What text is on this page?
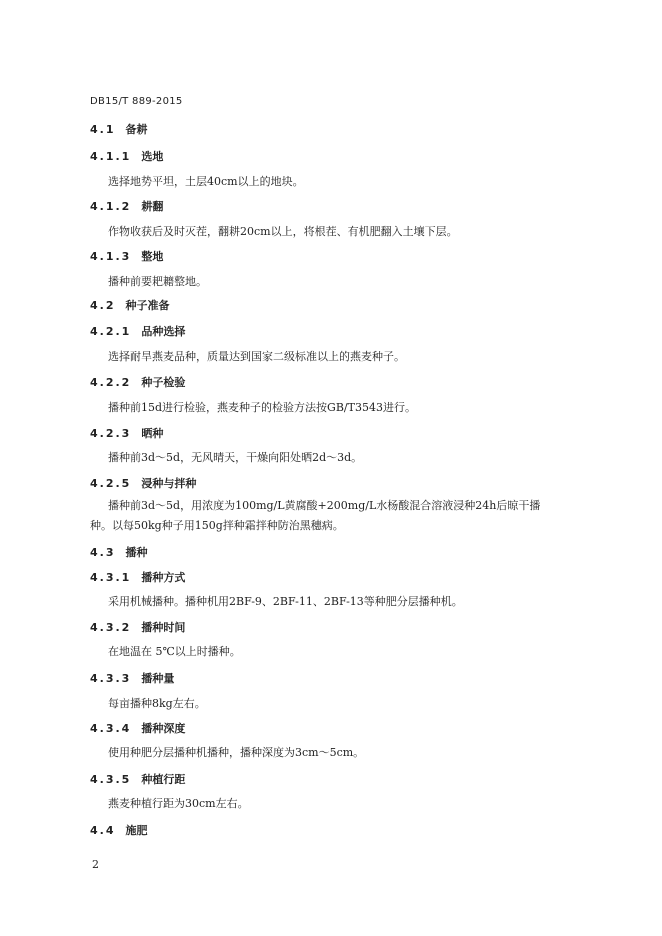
DB15/T 889-2015
4.1 备耕
4.1.1 选地
选择地势平坦，土层40cm以上的地块。
4.1.2 耕翻
作物收获后及时灭茬，翻耕20cm以上，将根茬、有机肥翻入土壤下层。
4.1.3 整地
播种前要耙耱整地。
4.2 种子准备
4.2.1 品种选择
选择耐旱燕麦品种，质量达到国家二级标准以上的燕麦种子。
4.2.2 种子检验
播种前15d进行检验，燕麦种子的检验方法按GB/T3543进行。
4.2.3 晒种
播种前3d～5d，无风晴天，干燥向阳处晒2d～3d。
4.2.5 浸种与拌种
播种前3d～5d，用浓度为100mg/L黄腐酸+200mg/L水杨酸混合溶液浸种24h后晾干播种。以每50kg种子用150g拌种霜拌种防治黑穗病。
4.3 播种
4.3.1 播种方式
采用机械播种。播种机用2BF-9、2BF-11、2BF-13等种肥分层播种机。
4.3.2 播种时间
在地温在 5℃以上时播种。
4.3.3 播种量
每亩播种8kg左右。
4.3.4 播种深度
使用种肥分层播种机播种，播种深度为3cm～5cm。
4.3.5 种植行距
燕麦种植行距为30cm左右。
4.4 施肥
2
